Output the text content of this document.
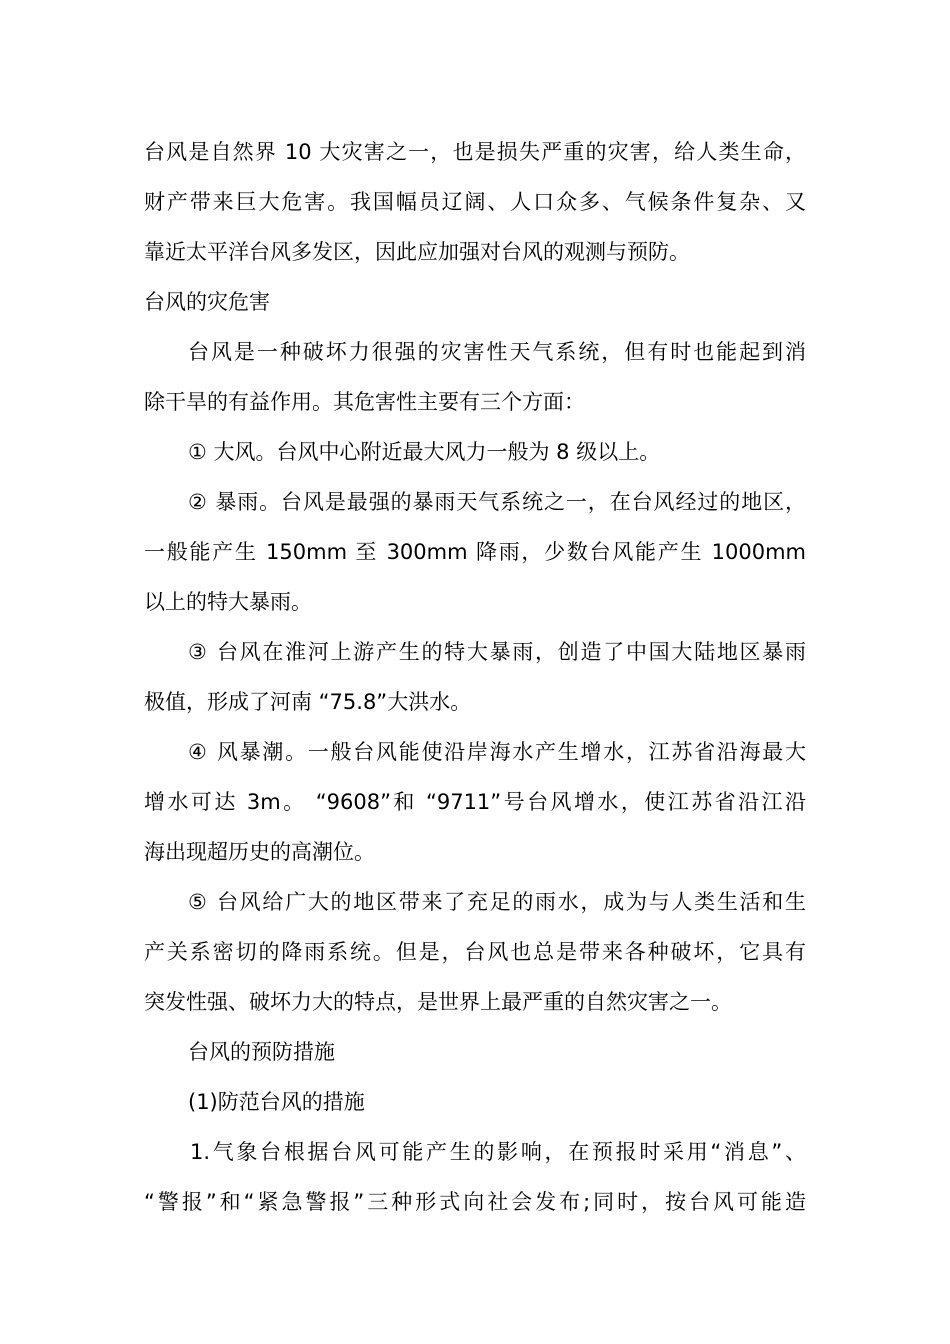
台风是自然界 10 大灾害之一，也是损失严重的灾害，给人类生命，
财产带来巨大危害。我国幅员辽阔、人口众多、气候条件复杂、又
靠近太平洋台风多发区，因此应加强对台风的观测与预防。
台风的灾危害
台风是一种破坏力很强的灾害性天气系统，但有时也能起到消
除干旱的有益作用。其危害性主要有三个方面：
① 大风。台风中心附近最大风力一般为 8 级以上。
② 暴雨。台风是最强的暴雨天气系统之一，在台风经过的地区，
一般能产生 150mm 至 300mm 降雨，少数台风能产生 1000mm
以上的特大暴雨。
③ 台风在淮河上游产生的特大暴雨，创造了中国大陆地区暴雨
极值，形成了河南 “75.8”大洪水。
④ 风暴潮。一般台风能使沿岸海水产生增水，江苏省沿海最大
增水可达 3m。 “9608”和 “9711”号台风增水，使江苏省沿江沿
海出现超历史的高潮位。
⑤ 台风给广大的地区带来了充足的雨水，成为与人类生活和生
产关系密切的降雨系统。但是，台风也总是带来各种破坏，它具有
突发性强、破坏力大的特点，是世界上最严重的自然灾害之一。
台风的预防措施
(1)防范台风的措施
1.气象台根据台风可能产生的影响，在预报时采用“消息”、
“警报”和“紧急警报”三种形式向社会发布;同时，按台风可能造
